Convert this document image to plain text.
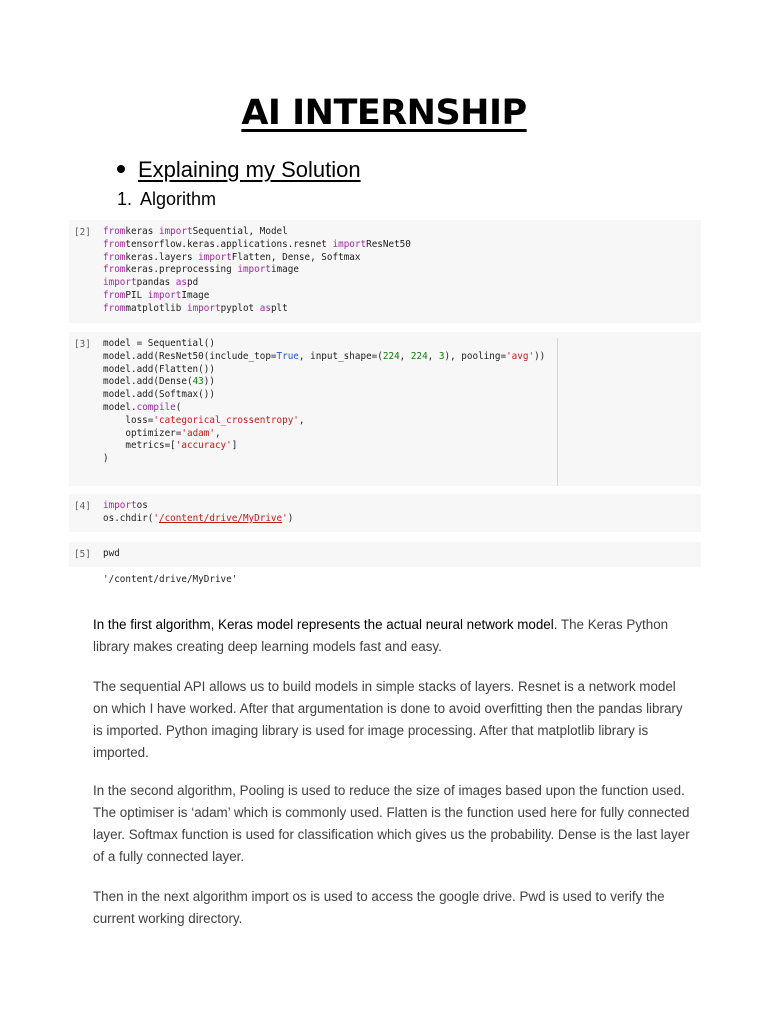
AI INTERNSHIP
Explaining my Solution
1. Algorithm
[2] fromkeras importSequential, Model
fromtensorflow.keras.applications.resnet importResNet50
fromkeras.layers importFlatten, Dense, Softmax
fromkeras.preprocessing importimage
importpandas aspd
fromPIL importImage
frommatplotlib importpyplot asplt
[3] model = Sequential()
model.add(ResNet50(include_top=True, input_shape=(224, 224, 3), pooling='avg'))
model.add(Flatten())
model.add(Dense(43))
model.add(Softmax())
model.compile(
loss='categorical_crossentropy',
optimizer='adam',
metrics=['accuracy']
)
[4] importos
os.chdir('/content/drive/MyDrive')
[5] pwd
'/content/drive/MyDrive'
In the first algorithm, Keras model represents the actual neural network model. The Keras Python library makes creating deep learning models fast and easy.
The sequential API allows us to build models in simple stacks of layers. Resnet is a network model on which I have worked. After that argumentation is done to avoid overfitting then the pandas library is imported. Python imaging library is used for image processing. After that matplotlib library is imported.
In the second algorithm, Pooling is used to reduce the size of images based upon the function used. The optimiser is ‘adam’ which is commonly used. Flatten is the function used here for fully connected layer. Softmax function is used for classification which gives us the probability. Dense is the last layer of a fully connected layer.
Then in the next algorithm import os is used to access the google drive. Pwd is used to verify the current working directory.
